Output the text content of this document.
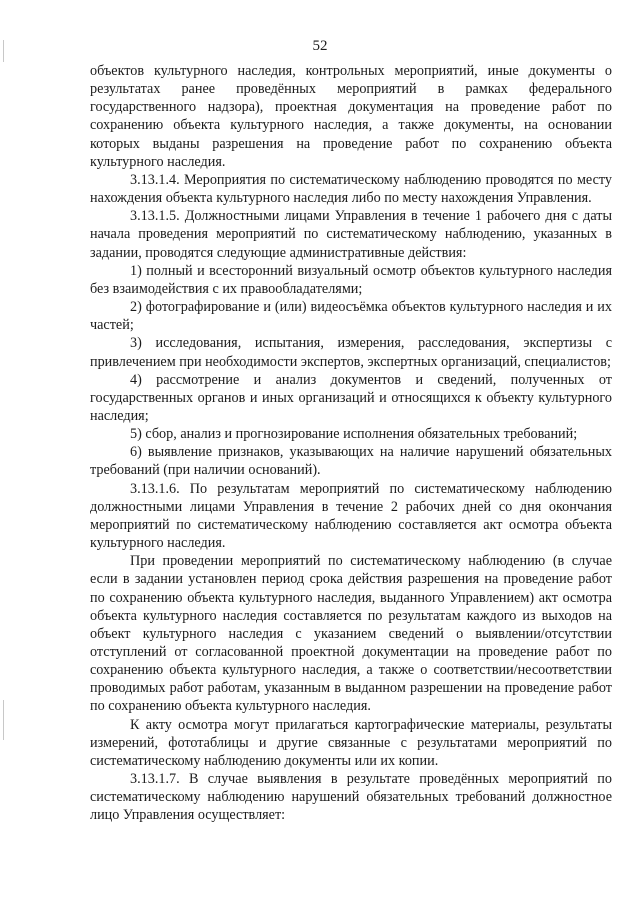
52

объектов культурного наследия, контрольных мероприятий, иные документы о результатах ранее проведённых мероприятий в рамках федерального государственного надзора), проектная документация на проведение работ по сохранению объекта культурного наследия, а также документы, на основании которых выданы разрешения на проведение работ по сохранению объекта культурного наследия.

3.13.1.4. Мероприятия по систематическому наблюдению проводятся по месту нахождения объекта культурного наследия либо по месту нахождения Управления.

3.13.1.5. Должностными лицами Управления в течение 1 рабочего дня с даты начала проведения мероприятий по систематическому наблюдению, указанных в задании, проводятся следующие административные действия:

1) полный и всесторонний визуальный осмотр объектов культурного наследия без взаимодействия с их правообладателями;

2) фотографирование и (или) видеосъёмка объектов культурного наследия и их частей;

3) исследования, испытания, измерения, расследования, экспертизы с привлечением при необходимости экспертов, экспертных организаций, специалистов;

4) рассмотрение и анализ документов и сведений, полученных от государственных органов и иных организаций и относящихся к объекту культурного наследия;

5) сбор, анализ и прогнозирование исполнения обязательных требований;

6) выявление признаков, указывающих на наличие нарушений обязательных требований (при наличии оснований).

3.13.1.6. По результатам мероприятий по систематическому наблюдению должностными лицами Управления в течение 2 рабочих дней со дня окончания мероприятий по систематическому наблюдению составляется акт осмотра объекта культурного наследия.

При проведении мероприятий по систематическому наблюдению (в случае если в задании установлен период срока действия разрешения на проведение работ по сохранению объекта культурного наследия, выданного Управлением) акт осмотра объекта культурного наследия составляется по результатам каждого из выходов на объект культурного наследия с указанием сведений о выявлении/отсутствии отступлений от согласованной проектной документации на проведение работ по сохранению объекта культурного наследия, а также о соответствии/несоответствии проводимых работ работам, указанным в выданном разрешении на проведение работ по сохранению объекта культурного наследия.

К акту осмотра могут прилагаться картографические материалы, результаты измерений, фототаблицы и другие связанные с результатами мероприятий по систематическому наблюдению документы или их копии.

3.13.1.7. В случае выявления в результате проведённых мероприятий по систематическому наблюдению нарушений обязательных требований должностное лицо Управления осуществляет:
